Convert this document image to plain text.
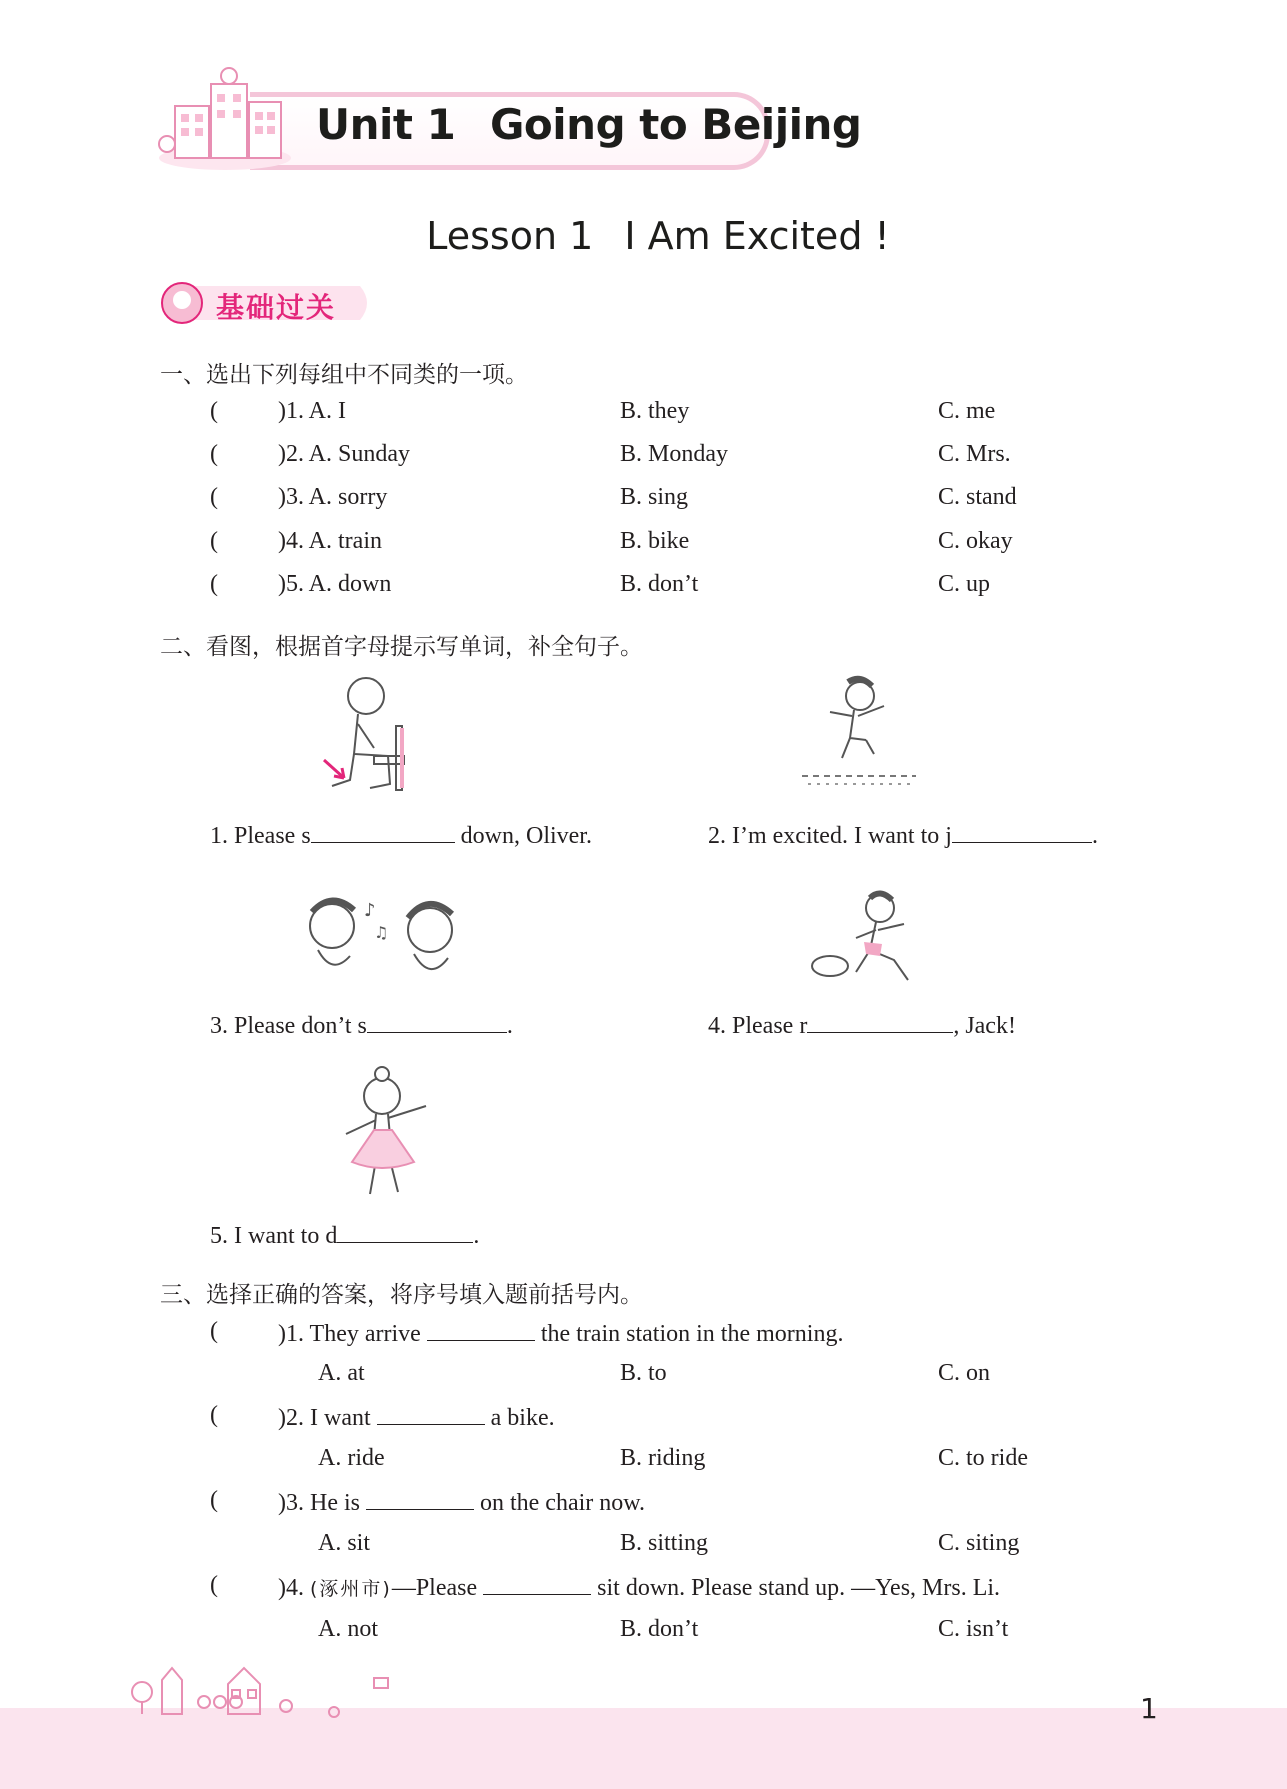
Unit 1  Going to Beijing
Lesson 1  I Am Excited !
基础过关
一、选出下列每组中不同类的一项。
(	)1. A. I	B. they	C. me
(	)2. A. Sunday	B. Monday	C. Mrs.
(	)3. A. sorry	B. sing	C. stand
(	)4. A. train	B. bike	C. okay
(	)5. A. down	B. don’t	C. up
二、看图，根据首字母提示写单词，补全句子。
1. Please s	down, Oliver.	2. I’m excited. I want to j	.
♪
♫
3. Please don’t s	.	4. Please r	, Jack!
5. I want to d	.
三、选择正确的答案，将序号填入题前括号内。
(	)1. They arrive	the train station in the morning.
A. at	B. to	C. on
(	)2. I want	a bike.
A. ride	B. riding	C. to ride
(	)3. He is	on the chair now.
A. sit	B. sitting	C. siting
(	)4. (涿州市)—Please	sit down. Please stand up. —Yes, Mrs. Li.
A. not	B. don’t	C. isn’t
1
